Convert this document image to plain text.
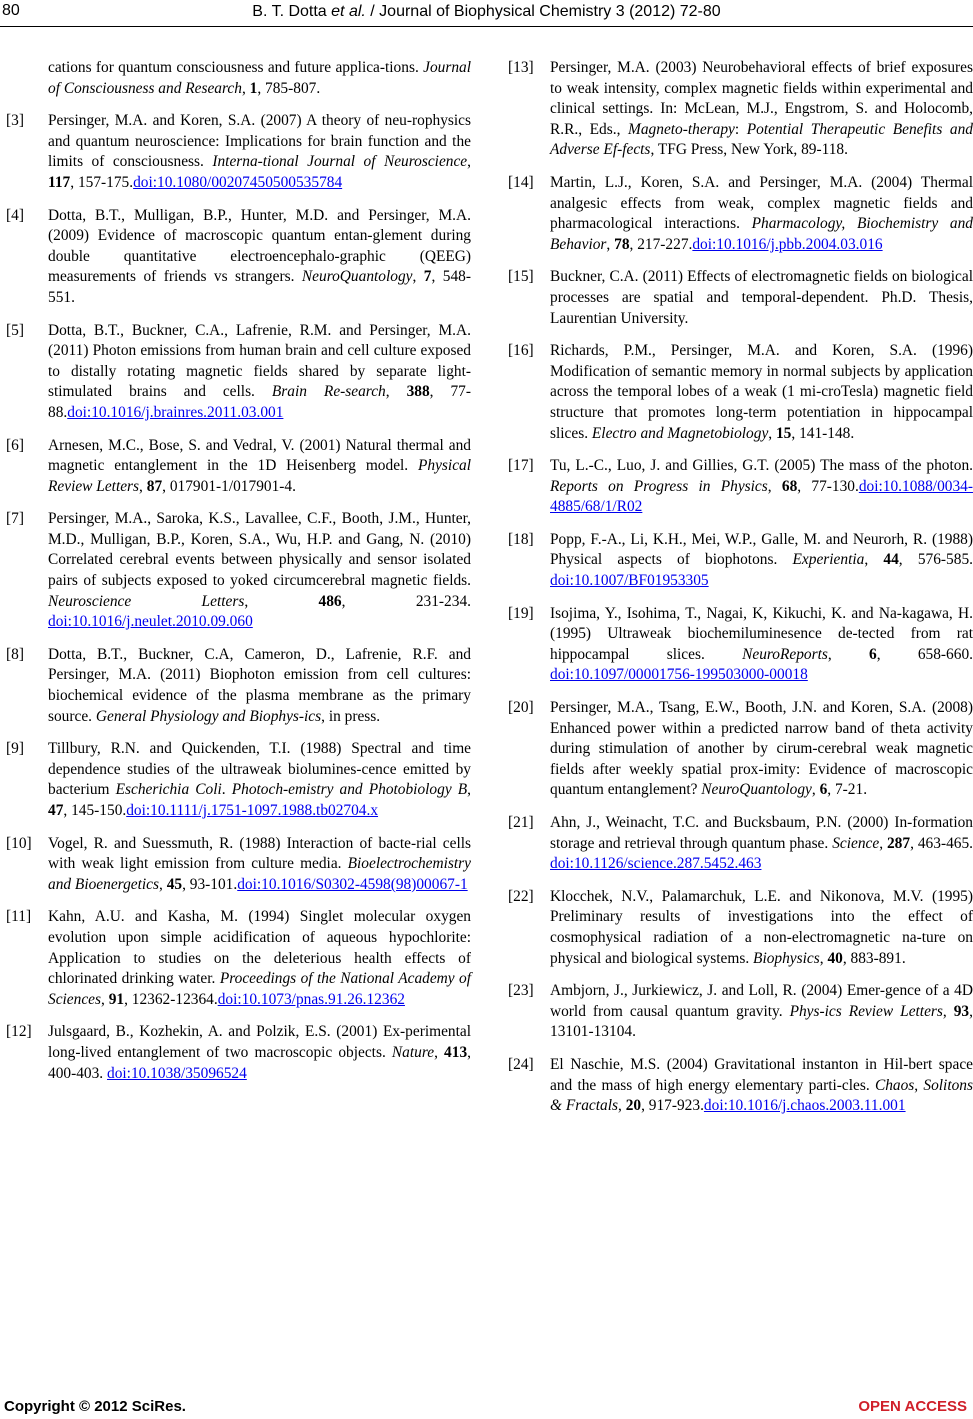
80	B. T. Dotta et al. / Journal of Biophysical Chemistry 3 (2012) 72-80
cations for quantum consciousness and future applica-tions. Journal of Consciousness and Research, 1, 785-807.
[3] Persinger, M.A. and Koren, S.A. (2007) A theory of neu-rophysics and quantum neuroscience: Implications for brain function and the limits of consciousness. Interna-tional Journal of Neuroscience, 117, 157-175.doi:10.1080/00207450500535784
[4] Dotta, B.T., Mulligan, B.P., Hunter, M.D. and Persinger, M.A. (2009) Evidence of macroscopic quantum entan-glement during double quantitative electroencephalo-graphic (QEEG) measurements of friends vs strangers. NeuroQuantology, 7, 548-551.
[5] Dotta, B.T., Buckner, C.A., Lafrenie, R.M. and Persinger, M.A. (2011) Photon emissions from human brain and cell culture exposed to distally rotating magnetic fields shared by separate light-stimulated brains and cells. Brain Re-search, 388, 77-88.doi:10.1016/j.brainres.2011.03.001
[6] Arnesen, M.C., Bose, S. and Vedral, V. (2001) Natural thermal and magnetic entanglement in the 1D Heisenberg model. Physical Review Letters, 87, 017901-1/017901-4.
[7] Persinger, M.A., Saroka, K.S., Lavallee, C.F., Booth, J.M., Hunter, M.D., Mulligan, B.P., Koren, S.A., Wu, H.P. and Gang, N. (2010) Correlated cerebral events between physically and sensor isolated pairs of subjects exposed to yoked circumcerebral magnetic fields. Neuroscience Letters, 486, 231-234. doi:10.1016/j.neulet.2010.09.060
[8] Dotta, B.T., Buckner, C.A, Cameron, D., Lafrenie, R.F. and Persinger, M.A. (2011) Biophoton emission from cell cultures: biochemical evidence of the plasma membrane as the primary source. General Physiology and Biophys-ics, in press.
[9] Tillbury, R.N. and Quickenden, T.I. (1988) Spectral and time dependence studies of the ultraweak biolumines-cence emitted by bacterium Escherichia Coli. Photoch-emistry and Photobiology B, 47, 145-150.doi:10.1111/j.1751-1097.1988.tb02704.x
[10] Vogel, R. and Suessmuth, R. (1988) Interaction of bacte-rial cells with weak light emission from culture media. Bioelectrochemistry and Bioenergetics, 45, 93-101.doi:10.1016/S0302-4598(98)00067-1
[11] Kahn, A.U. and Kasha, M. (1994) Singlet molecular oxygen evolution upon simple acidification of aqueous hypochlorite: Application to studies on the deleterious health effects of chlorinated drinking water. Proceedings of the National Academy of Sciences, 91, 12362-12364.doi:10.1073/pnas.91.26.12362
[12] Julsgaard, B., Kozhekin, A. and Polzik, E.S. (2001) Ex-perimental long-lived entanglement of two macroscopic objects. Nature, 413, 400-403. doi:10.1038/35096524
[13] Persinger, M.A. (2003) Neurobehavioral effects of brief exposures to weak intensity, complex magnetic fields within experimental and clinical settings. In: McLean, M.J., Engstrom, S. and Holocomb, R.R., Eds., Magneto-therapy: Potential Therapeutic Benefits and Adverse Ef-fects, TFG Press, New York, 89-118.
[14] Martin, L.J., Koren, S.A. and Persinger, M.A. (2004) Thermal analgesic effects from weak, complex magnetic fields and pharmacological interactions. Pharmacology, Biochemistry and Behavior, 78, 217-227.doi:10.1016/j.pbb.2004.03.016
[15] Buckner, C.A. (2011) Effects of electromagnetic fields on biological processes are spatial and temporal-dependent. Ph.D. Thesis, Laurentian University.
[16] Richards, P.M., Persinger, M.A. and Koren, S.A. (1996) Modification of semantic memory in normal subjects by application across the temporal lobes of a weak (1 mi-croTesla) magnetic field structure that promotes long-term potentiation in hippocampal slices. Electro and Magnetobiology, 15, 141-148.
[17] Tu, L.-C., Luo, J. and Gillies, G.T. (2005) The mass of the photon. Reports on Progress in Physics, 68, 77-130.doi:10.1088/0034-4885/68/1/R02
[18] Popp, F.-A., Li, K.H., Mei, W.P., Galle, M. and Neurorh, R. (1988) Physical aspects of biophotons. Experientia, 44, 576-585. doi:10.1007/BF01953305
[19] Isojima, Y., Isohima, T., Nagai, K, Kikuchi, K. and Na-kagawa, H. (1995) Ultraweak biochemiluminesence de-tected from rat hippocampal slices. NeuroReports, 6, 658-660. doi:10.1097/00001756-199503000-00018
[20] Persinger, M.A., Tsang, E.W., Booth, J.N. and Koren, S.A. (2008) Enhanced power within a predicted narrow band of theta activity during stimulation of another by cirum-cerebral weak magnetic fields after weekly spatial prox-imity: Evidence of macroscopic quantum entanglement? NeuroQuantology, 6, 7-21.
[21] Ahn, J., Weinacht, T.C. and Bucksbaum, P.N. (2000) In-formation storage and retrieval through quantum phase. Science, 287, 463-465. doi:10.1126/science.287.5452.463
[22] Klocchek, N.V., Palamarchuk, L.E. and Nikonova, M.V. (1995) Preliminary results of investigations into the effect of cosmophysical radiation of a non-electromagnetic na-ture on physical and biological systems. Biophysics, 40, 883-891.
[23] Ambjorn, J., Jurkiewicz, J. and Loll, R. (2004) Emer-gence of a 4D world from causal quantum gravity. Phys-ics Review Letters, 93, 13101-13104.
[24] El Naschie, M.S. (2004) Gravitational instanton in Hil-bert space and the mass of high energy elementary parti-cles. Chaos, Solitons & Fractals, 20, 917-923.doi:10.1016/j.chaos.2003.11.001
Copyright © 2012 SciRes.	OPEN ACCESS
